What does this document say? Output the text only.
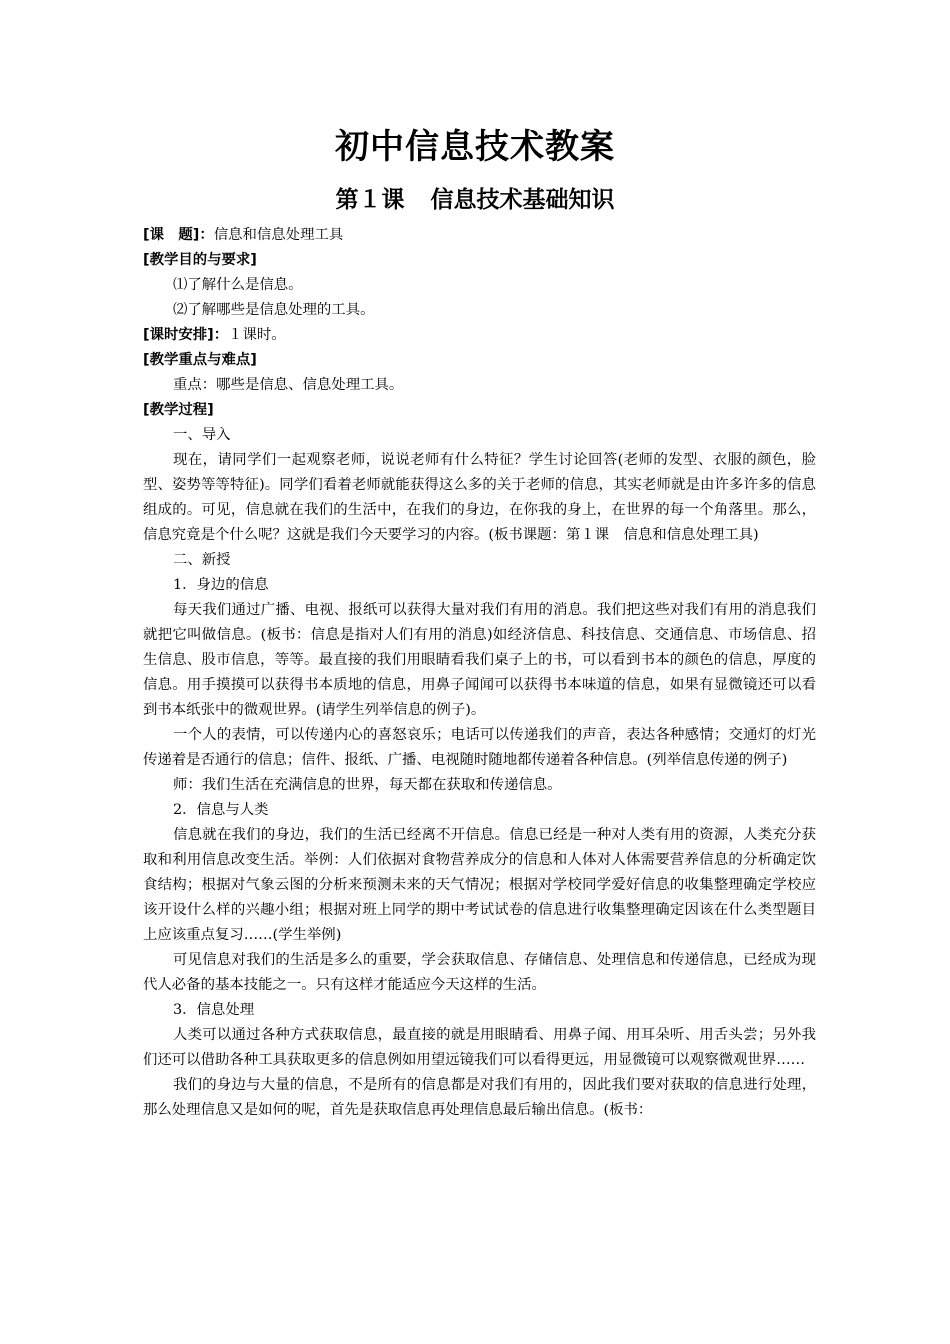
初中信息技术教案
第１课 信息技术基础知识

[课　题]：信息和信息处理工具

[教学目的与要求]

⑴了解什么是信息。

⑵了解哪些是信息处理的工具。

[课时安排]：１课时。

[教学重点与难点]

重点：哪些是信息、信息处理工具。

[教学过程]

一、导入

现在，请同学们一起观察老师，说说老师有什么特征？学生讨论回答(老师的发型、衣服的颜色，脸型、姿势等等特征)。同学们看着老师就能获得这么多的关于老师的信息，其实老师就是由许多许多的信息组成的。可见，信息就在我们的生活中，在我们的身边，在你我的身上，在世界的每一个角落里。那么，信息究竟是个什么呢？这就是我们今天要学习的内容。(板书课题：第１课　信息和信息处理工具)

二、新授

1．身边的信息

每天我们通过广播、电视、报纸可以获得大量对我们有用的消息。我们把这些对我们有用的消息我们就把它叫做信息。(板书：信息是指对人们有用的消息)如经济信息、科技信息、交通信息、市场信息、招生信息、股市信息，等等。最直接的我们用眼睛看我们桌子上的书，可以看到书本的颜色的信息，厚度的信息。用手摸摸可以获得书本质地的信息，用鼻子闻闻可以获得书本味道的信息，如果有显微镜还可以看到书本纸张中的微观世界。(请学生列举信息的例子)。

一个人的表情，可以传递内心的喜怒哀乐；电话可以传递我们的声音，表达各种感情；交通灯的灯光传递着是否通行的信息；信件、报纸、广播、电视随时随地都传递着各种信息。(列举信息传递的例子)

师：我们生活在充满信息的世界，每天都在获取和传递信息。

2．信息与人类

信息就在我们的身边，我们的生活已经离不开信息。信息已经是一种对人类有用的资源，人类充分获取和利用信息改变生活。举例：人们依据对食物营养成分的信息和人体对人体需要营养信息的分析确定饮食结构；根据对气象云图的分析来预测未来的天气情况；根据对学校同学爱好信息的收集整理确定学校应该开设什么样的兴趣小组；根据对班上同学的期中考试试卷的信息进行收集整理确定因该在什么类型题目上应该重点复习……(学生举例)

可见信息对我们的生活是多么的重要，学会获取信息、存储信息、处理信息和传递信息，已经成为现代人必备的基本技能之一。只有这样才能适应今天这样的生活。

3．信息处理

人类可以通过各种方式获取信息，最直接的就是用眼睛看、用鼻子闻、用耳朵听、用舌头尝；另外我们还可以借助各种工具获取更多的信息例如用望远镜我们可以看得更远，用显微镜可以观察微观世界……

我们的身边与大量的信息，不是所有的信息都是对我们有用的，因此我们要对获取的信息进行处理，那么处理信息又是如何的呢，首先是获取信息再处理信息最后输出信息。(板书：
